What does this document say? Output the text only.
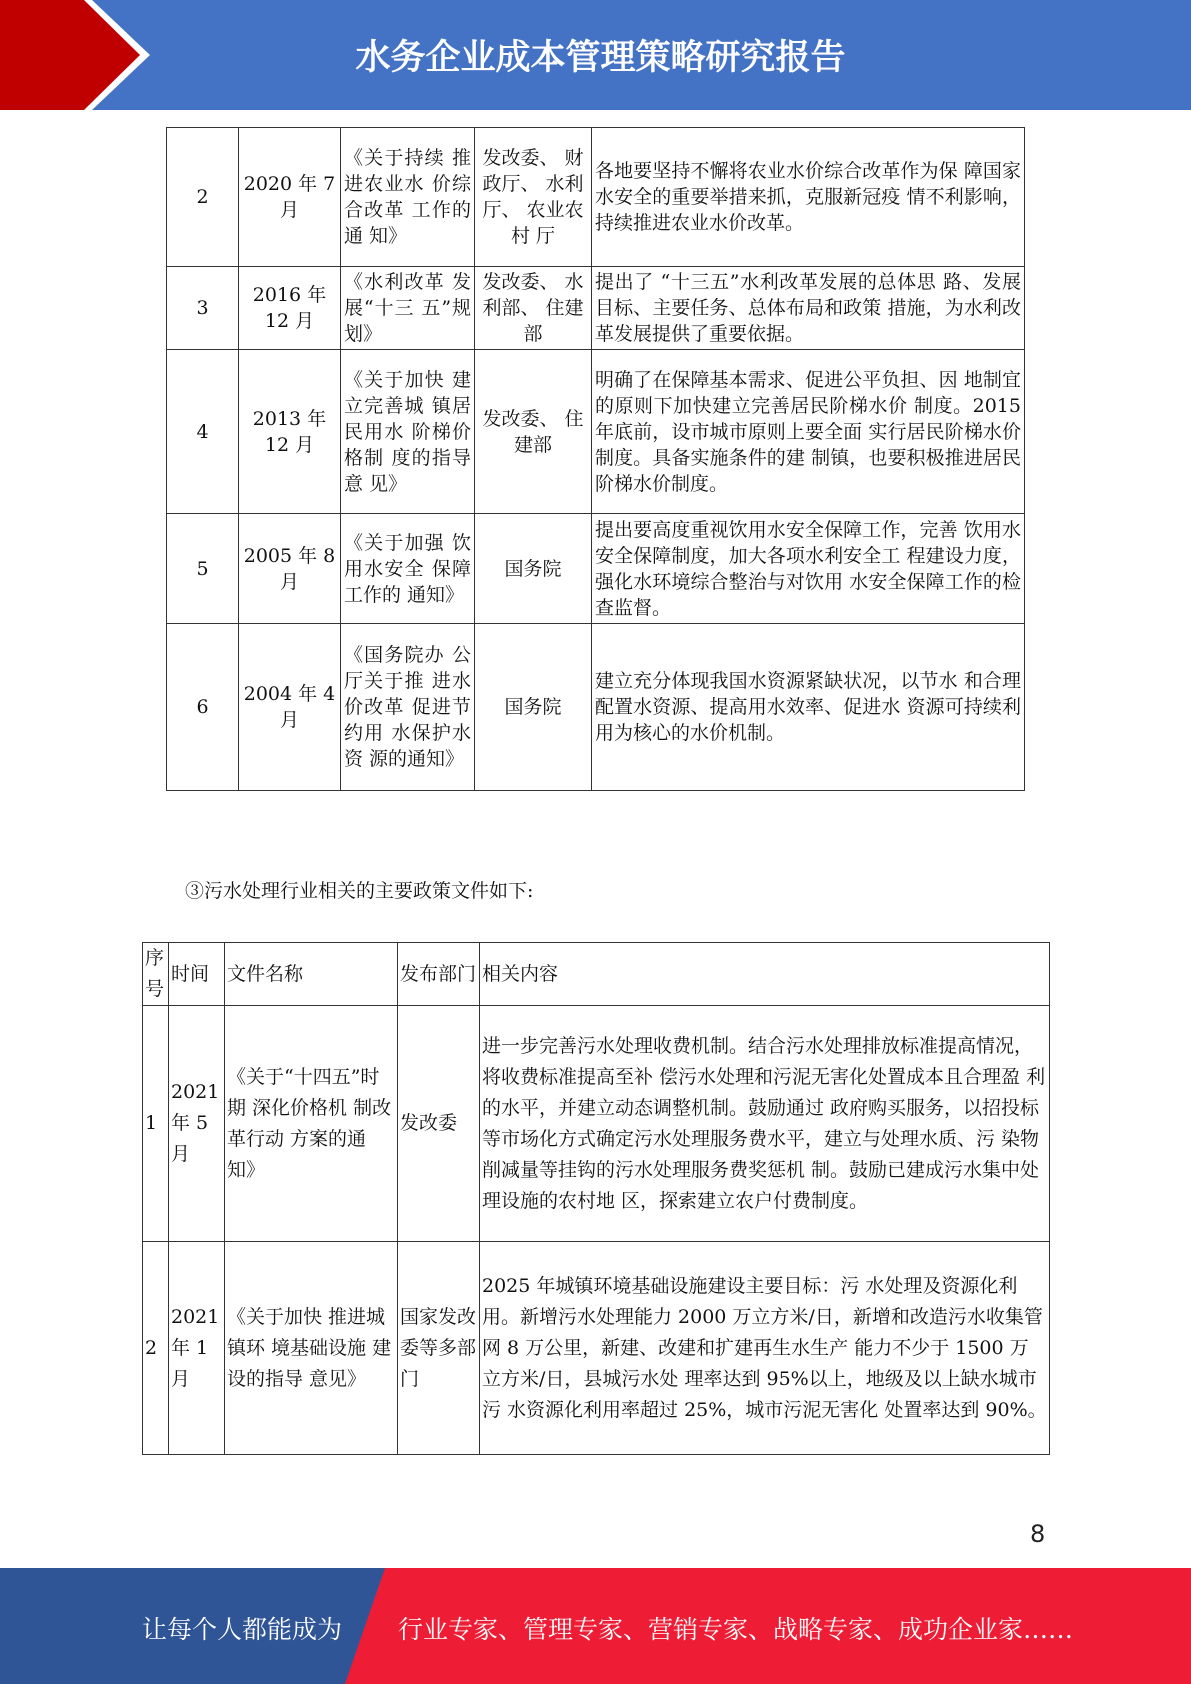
水务企业成本管理策略研究报告
2	2020 年 7月	《关于持续 推进农业水 价综合改革 工作的通 知》	发改委、 财政厅、 水利厅、 农业农村 厅	各地要坚持不懈将农业水价综合改革作为保 障国家水安全的重要举措来抓，克服新冠疫 情不利影响，持续推进农业水价改革。
3	2016 年 12 月	《水利改革 发展“十三 五”规划》	发改委、 水利部、 住建部	提出了 “十三五”水利改革发展的总体思 路、发展目标、主要任务、总体布局和政策 措施，为水利改革发展提供了重要依据。
4	2013 年 12 月	《关于加快 建立完善城 镇居民用水 阶梯价格制 度的指导意 见》	发改委、 住建部	明确了在保障基本需求、促进公平负担、因 地制宜的原则下加快建立完善居民阶梯水价 制度。2015 年底前，设市城市原则上要全面 实行居民阶梯水价制度。具备实施条件的建 制镇，也要积极推进居民阶梯水价制度。
5	2005 年 8 月	《关于加强 饮用水安全 保障工作的 通知》	国务院	提出要高度重视饮用水安全保障工作，完善 饮用水安全保障制度，加大各项水利安全工 程建设力度，强化水环境综合整治与对饮用 水安全保障工作的检查监督。
6	2004 年 4 月	《国务院办 公厅关于推 进水价改革 促进节约用 水保护水资 源的通知》	国务院	建立充分体现我国水资源紧缺状况，以节水 和合理配置水资源、提高用水效率、促进水 资源可持续利用为核心的水价机制。
③污水处理行业相关的主要政策文件如下:
序号	时间	文件名称	发布部门	相关内容
1	2021 年 5 月	《关于“十四五”时期 深化价格机 制改革行动 方案的通 知》	发改委	进一步完善污水处理收费机制。结合污水处理排放标准提高情况，将收费标准提高至补 偿污水处理和污泥无害化处置成本且合理盈 利的水平，并建立动态调整机制。鼓励通过 政府购买服务，以招投标等市场化方式确定污水处理服务费水平，建立与处理水质、污 染物削减量等挂钩的污水处理服务费奖惩机 制。鼓励已建成污水集中处理设施的农村地 区，探索建立农户付费制度。
2	2021 年 1 月	《关于加快 推进城镇环 境基础设施 建设的指导 意见》	国家发改 委等多部门	2025 年城镇环境基础设施建设主要目标：污 水处理及资源化利用。新增污水处理能力 2000 万立方米/日，新增和改造污水收集管 网 8 万公里，新建、改建和扩建再生水生产 能力不少于 1500 万立方米/日，县城污水处 理率达到 95%以上，地级及以上缺水城市污 水资源化利用率超过 25%，城市污泥无害化 处置率达到 90%。
8
让每个人都能成为 行业专家、管理专家、营销专家、战略专家、成功企业家……
